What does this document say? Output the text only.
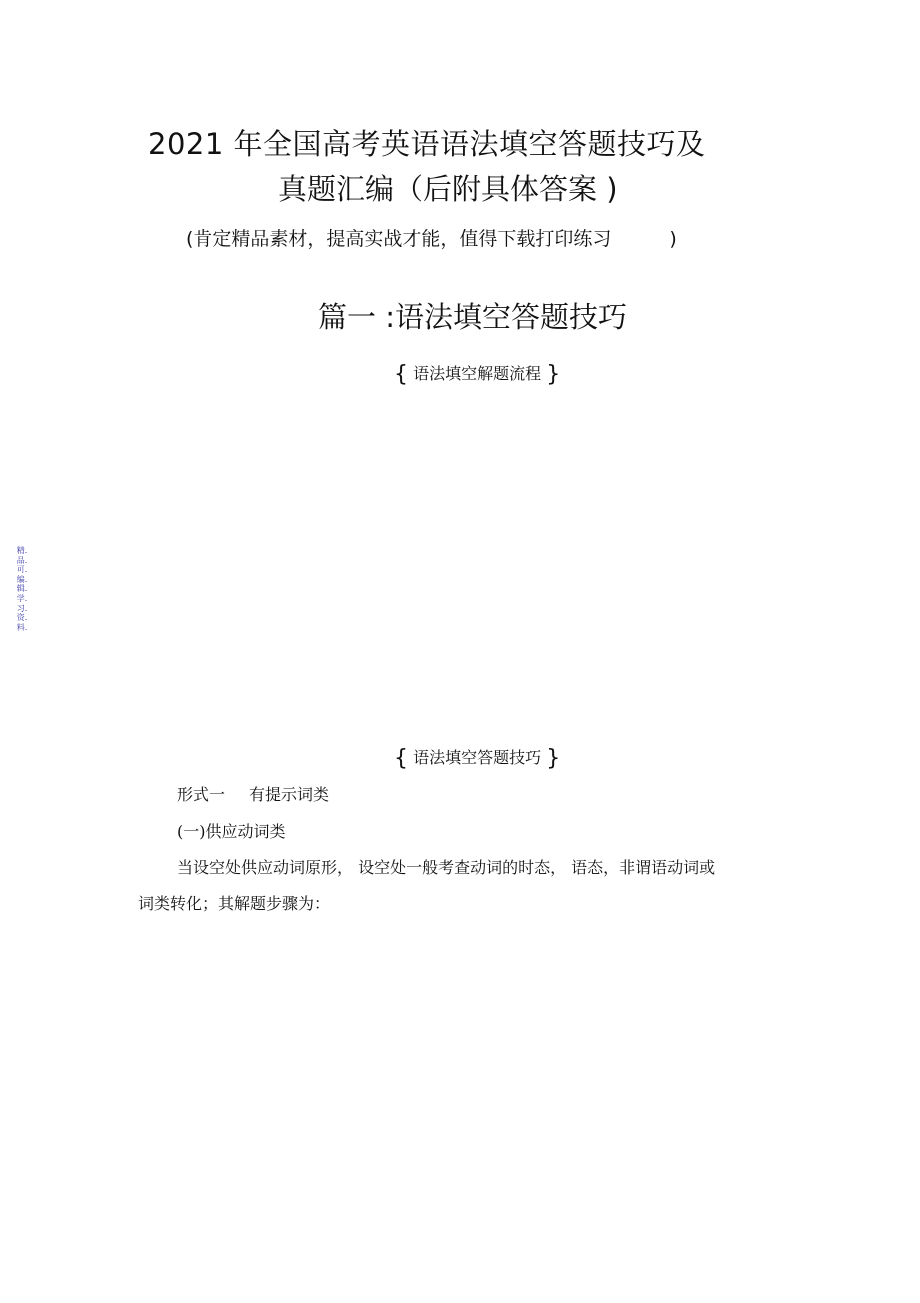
2021 年全国高考英语语法填空答题技巧及
真题汇编（后附具体答案 )
(肯定精品素材，提高实战才能，值得下载打印练习	)
篇一 :语法填空答题技巧
{ 语法填空解题流程 }
精.品.可.编.辑.学.习.资.料.
{ 语法填空答题技巧 }
形式一 有提示词类
(一)供应动词类
当设空处供应动词原形， 设空处一般考查动词的时态， 语态，非谓语动词或
词类转化；其解题步骤为：
